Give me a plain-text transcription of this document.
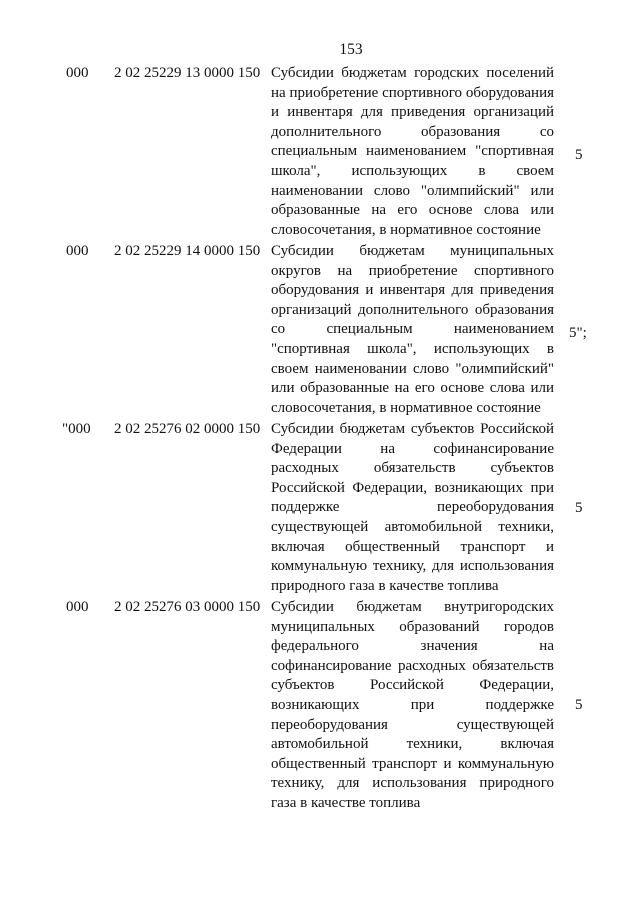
153
000 2 02 25229 13 0000 150 Субсидии бюджетам городских поселений на приобретение спортивного оборудования и инвентаря для приведения организаций дополнительного образования со специальным наименованием "спортивная школа", использующих в своем наименовании слово "олимпийский" или образованные на его основе слова или словосочетания, в нормативное состояние
5
000 2 02 25229 14 0000 150 Субсидии бюджетам муниципальных округов на приобретение спортивного оборудования и инвентаря для приведения организаций дополнительного образования со специальным наименованием "спортивная школа", использующих в своем наименовании слово "олимпийский" или образованные на его основе слова или словосочетания, в нормативное состояние
5";
"000 2 02 25276 02 0000 150 Субсидии бюджетам субъектов Российской Федерации на софинансирование расходных обязательств субъектов Российской Федерации, возникающих при поддержке переоборудования существующей автомобильной техники, включая общественный транспорт и коммунальную технику, для использования природного газа в качестве топлива
5
000 2 02 25276 03 0000 150 Субсидии бюджетам внутригородских муниципальных образований городов федерального значения на софинансирование расходных обязательств субъектов Российской Федерации, возникающих при поддержке переоборудования существующей автомобильной техники, включая общественный транспорт и коммунальную технику, для использования природного газа в качестве топлива
5
